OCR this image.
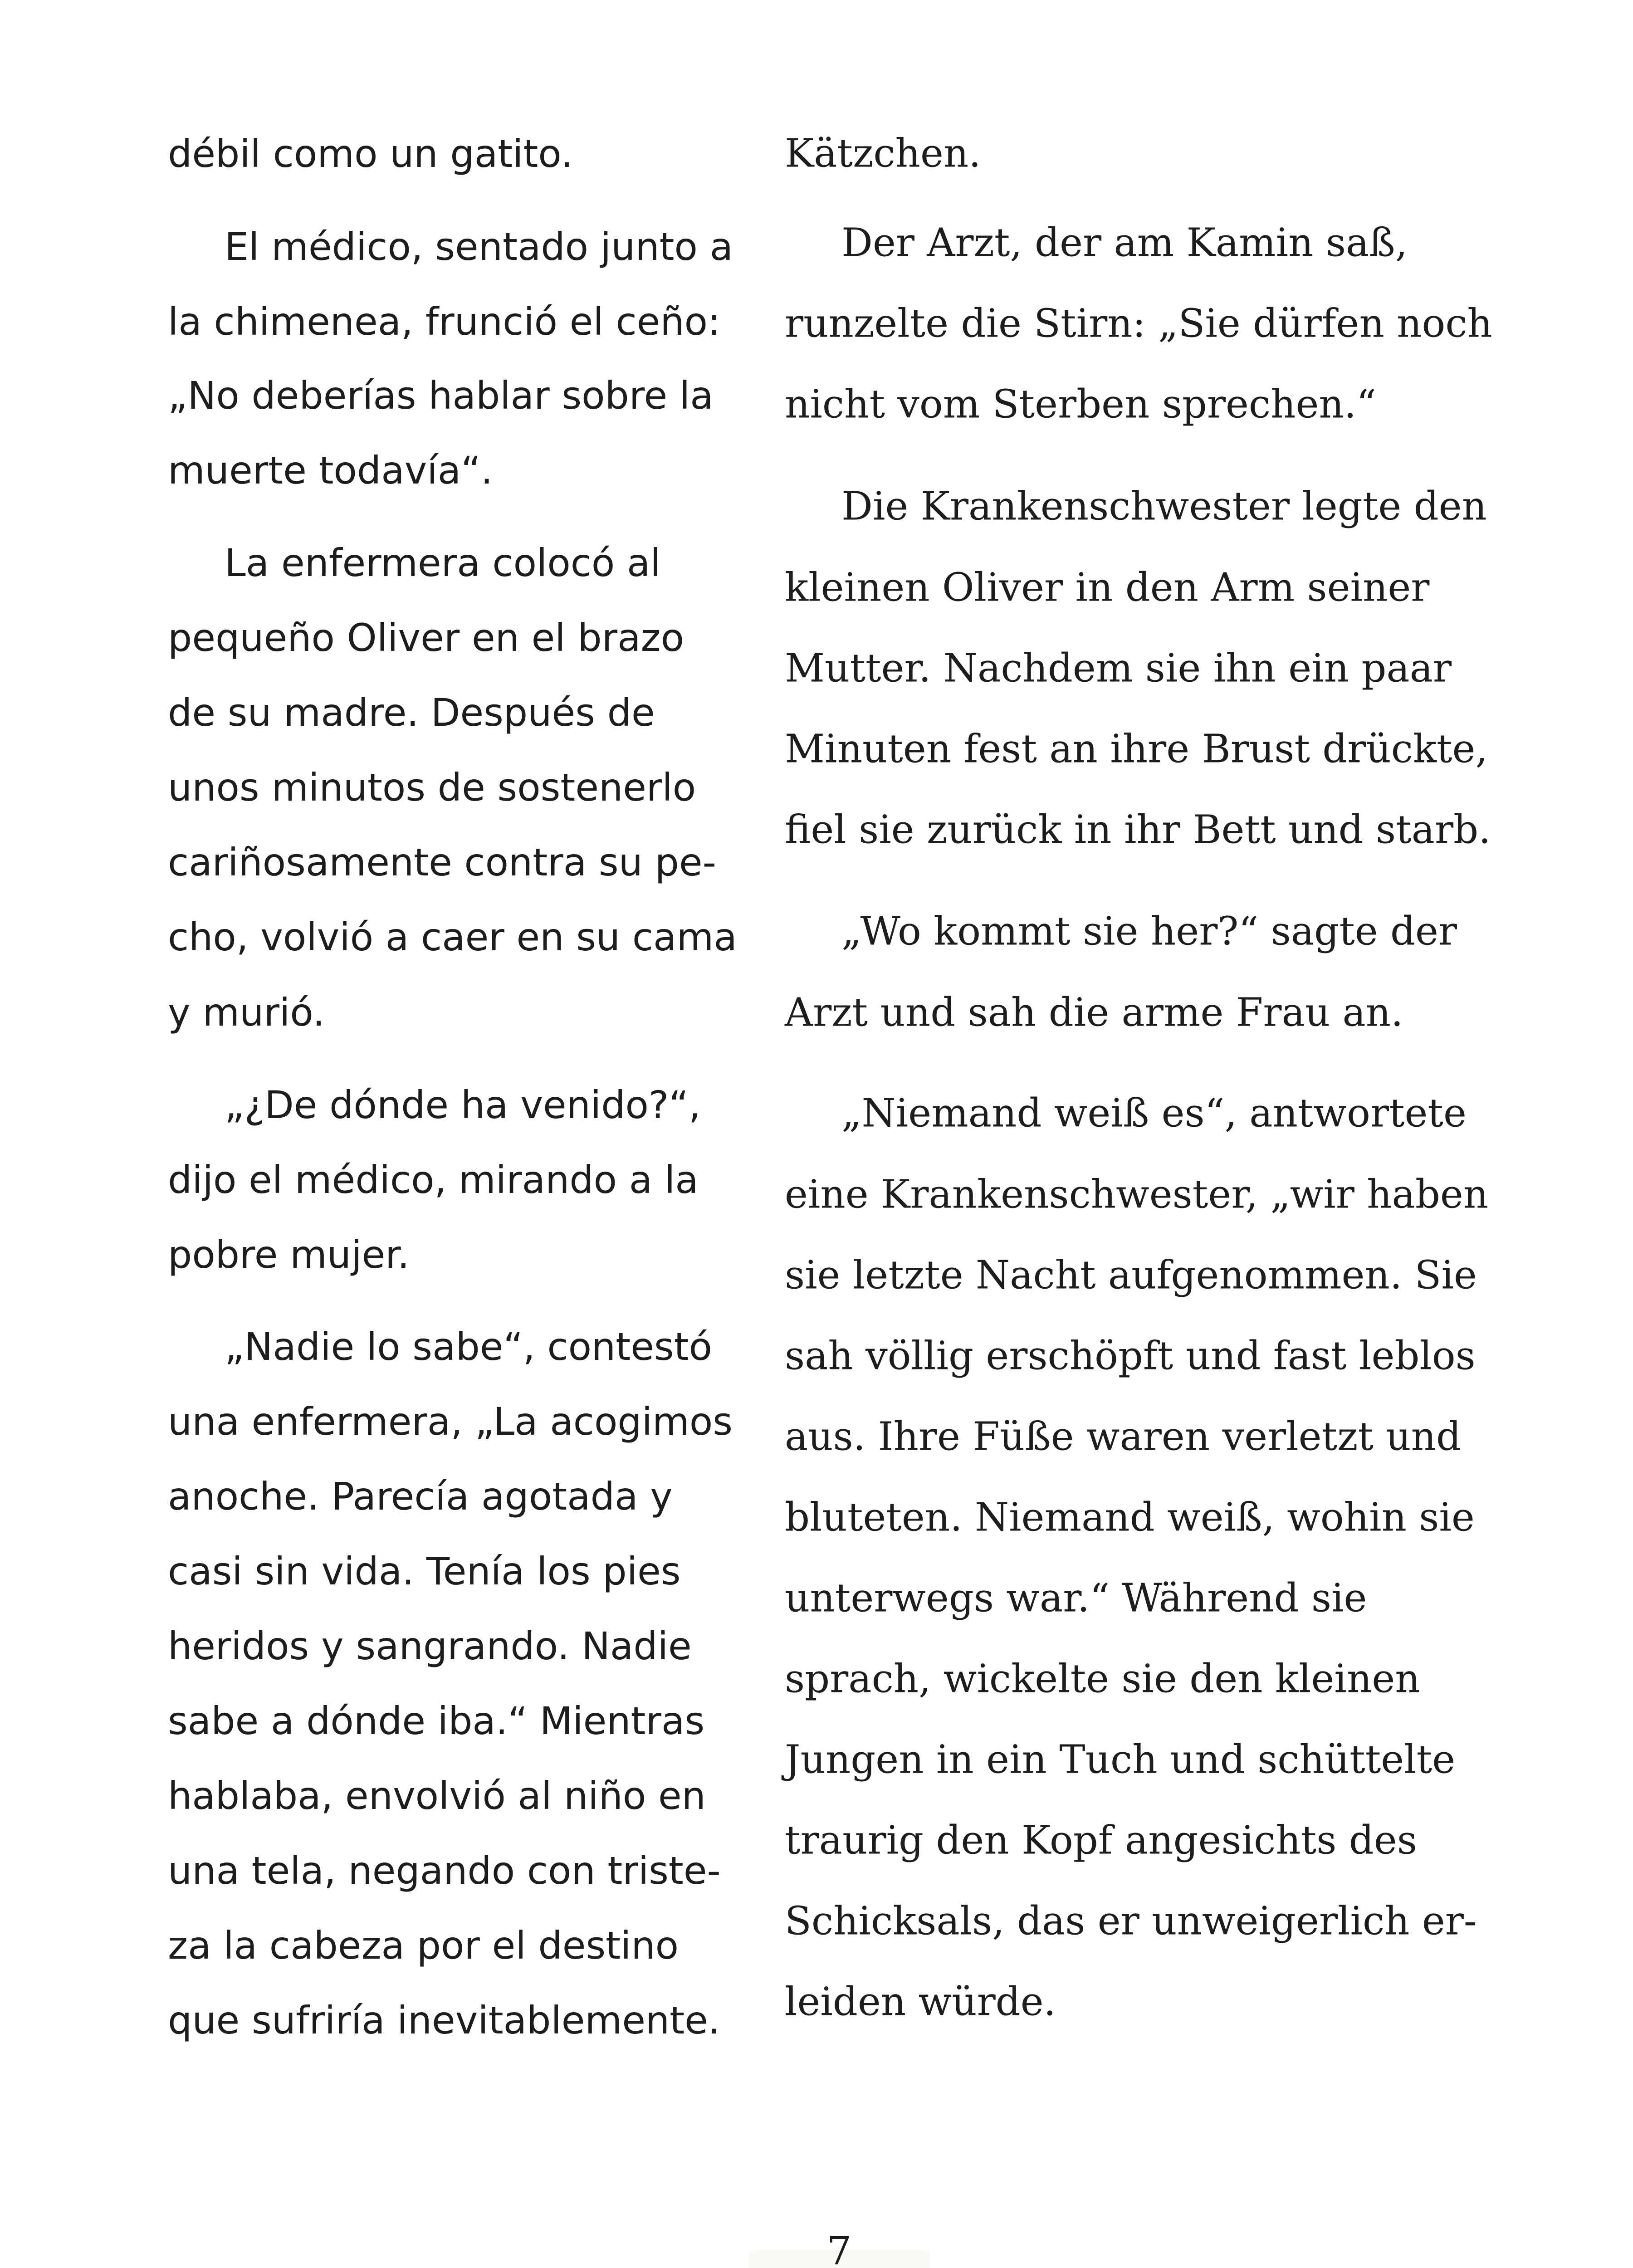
débil como un gatito.
El médico, sentado junto a
la chimenea, frunció el ceño:
„No deberías hablar sobre la
muerte todavía“.
La enfermera colocó al
pequeño Oliver en el brazo
de su madre. Después de
unos minutos de sostenerlo
cariñosamente contra su pe-
cho, volvió a caer en su cama
y murió.
„¿De dónde ha venido?“,
dijo el médico, mirando a la
pobre mujer.
„Nadie lo sabe“, contestó
una enfermera, „La acogimos
anoche. Parecía agotada y
casi sin vida. Tenía los pies
heridos y sangrando. Nadie
sabe a dónde iba.“ Mientras
hablaba, envolvió al niño en
una tela, negando con triste-
za la cabeza por el destino
que sufriría inevitablemente.
Kätzchen.
Der Arzt, der am Kamin saß,
runzelte die Stirn: „Sie dürfen noch
nicht vom Sterben sprechen.“
Die Krankenschwester legte den
kleinen Oliver in den Arm seiner
Mutter. Nachdem sie ihn ein paar
Minuten fest an ihre Brust drückte,
fiel sie zurück in ihr Bett und starb.
„Wo kommt sie her?“ sagte der
Arzt und sah die arme Frau an.
„Niemand weiß es“, antwortete
eine Krankenschwester, „wir haben
sie letzte Nacht aufgenommen. Sie
sah völlig erschöpft und fast leblos
aus. Ihre Füße waren verletzt und
bluteten. Niemand weiß, wohin sie
unterwegs war.“ Während sie
sprach, wickelte sie den kleinen
Jungen in ein Tuch und schüttelte
traurig den Kopf angesichts des
Schicksals, das er unweigerlich er-
leiden würde.
7
